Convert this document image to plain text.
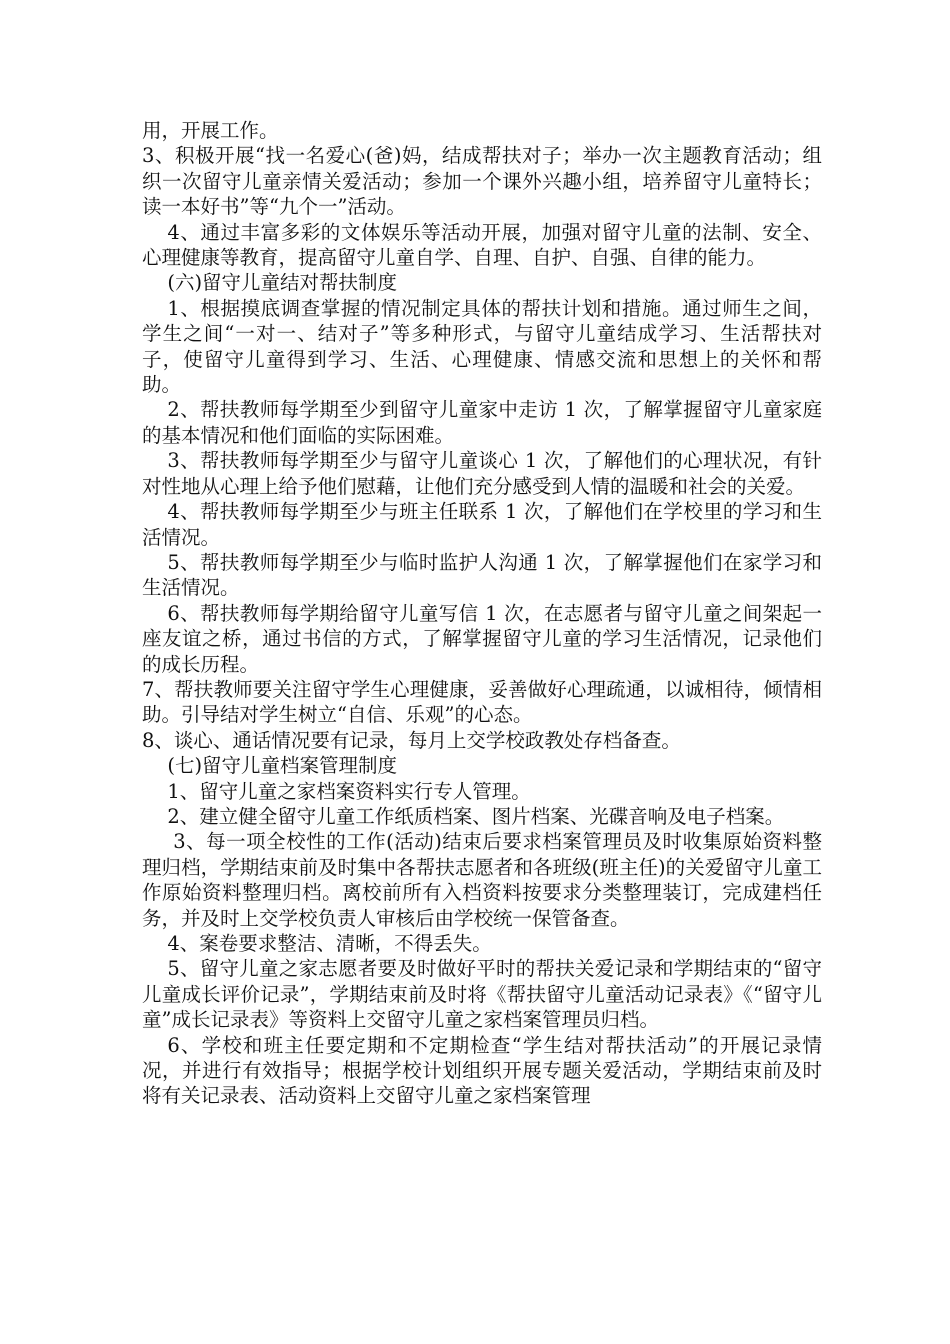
用，开展工作。

3、积极开展“找一名爱心(爸)妈，结成帮扶对子；举办一次主题教育活动；组织一次留守儿童亲情关爱活动；参加一个课外兴趣小组，培养留守儿童特长；读一本好书”等“九个一”活动。

4、通过丰富多彩的文体娱乐等活动开展，加强对留守儿童的法制、安全、心理健康等教育，提高留守儿童自学、自理、自护、自强、自律的能力。

(六)留守儿童结对帮扶制度

1、根据摸底调查掌握的情况制定具体的帮扶计划和措施。通过师生之间，学生之间“一对一、结对子”等多种形式，与留守儿童结成学习、生活帮扶对子，使留守儿童得到学习、生活、心理健康、情感交流和思想上的关怀和帮助。

2、帮扶教师每学期至少到留守儿童家中走访 1 次，了解掌握留守儿童家庭的基本情况和他们面临的实际困难。

3、帮扶教师每学期至少与留守儿童谈心 1 次，了解他们的心理状况，有针对性地从心理上给予他们慰藉，让他们充分感受到人情的温暖和社会的关爱。

4、帮扶教师每学期至少与班主任联系 1 次，了解他们在学校里的学习和生活情况。

5、帮扶教师每学期至少与临时监护人沟通 1 次，了解掌握他们在家学习和生活情况。

6、帮扶教师每学期给留守儿童写信 1 次，在志愿者与留守儿童之间架起一座友谊之桥，通过书信的方式，了解掌握留守儿童的学习生活情况，记录他们的成长历程。

7、帮扶教师要关注留守学生心理健康，妥善做好心理疏通，以诚相待，倾情相助。引导结对学生树立“自信、乐观”的心态。

8、谈心、通话情况要有记录，每月上交学校政教处存档备查。

(七)留守儿童档案管理制度

1、留守儿童之家档案资料实行专人管理。

2、建立健全留守儿童工作纸质档案、图片档案、光碟音响及电子档案。

3、每一项全校性的工作(活动)结束后要求档案管理员及时收集原始资料整理归档，学期结束前及时集中各帮扶志愿者和各班级(班主任)的关爱留守儿童工作原始资料整理归档。离校前所有入档资料按要求分类整理装订，完成建档任务，并及时上交学校负责人审核后由学校统一保管备查。

4、案卷要求整洁、清晰，不得丢失。

5、留守儿童之家志愿者要及时做好平时的帮扶关爱记录和学期结束的“留守儿童成长评价记录”，学期结束前及时将《帮扶留守儿童活动记录表》《“留守儿童”成长记录表》等资料上交留守儿童之家档案管理员归档。

6、学校和班主任要定期和不定期检查“学生结对帮扶活动”的开展记录情况，并进行有效指导；根据学校计划组织开展专题关爱活动，学期结束前及时将有关记录表、活动资料上交留守儿童之家档案管理
